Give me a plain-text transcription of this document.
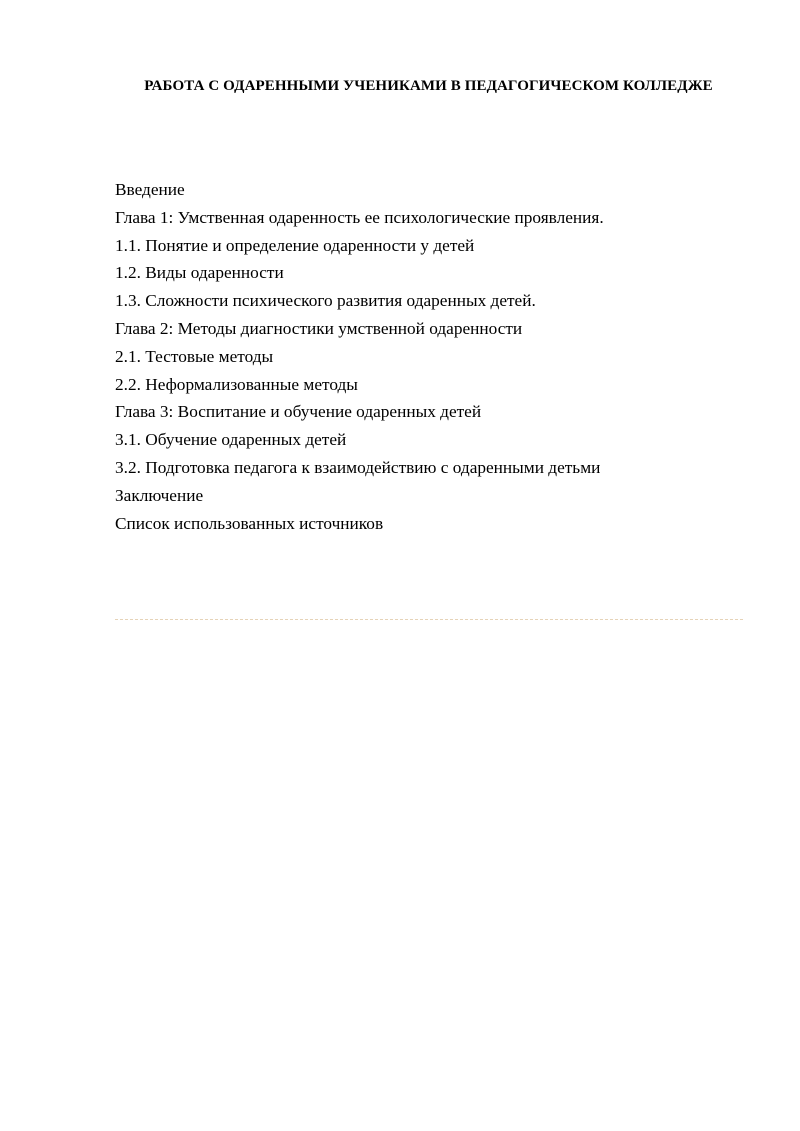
РАБОТА С ОДАРЕННЫМИ УЧЕНИКАМИ В ПЕДАГОГИЧЕСКОМ КОЛЛЕДЖЕ
Введение
Глава 1: Умственная одаренность ее психологические проявления.
1.1. Понятие и определение одаренности у детей
1.2. Виды одаренности
1.3. Сложности психического развития одаренных детей.
Глава 2: Методы диагностики умственной одаренности
2.1. Тестовые методы
2.2. Неформализованные методы
Глава 3: Воспитание и обучение одаренных детей
3.1. Обучение одаренных детей
3.2. Подготовка педагога к взаимодействию с одаренными детьми
Заключение
Список использованных источников
